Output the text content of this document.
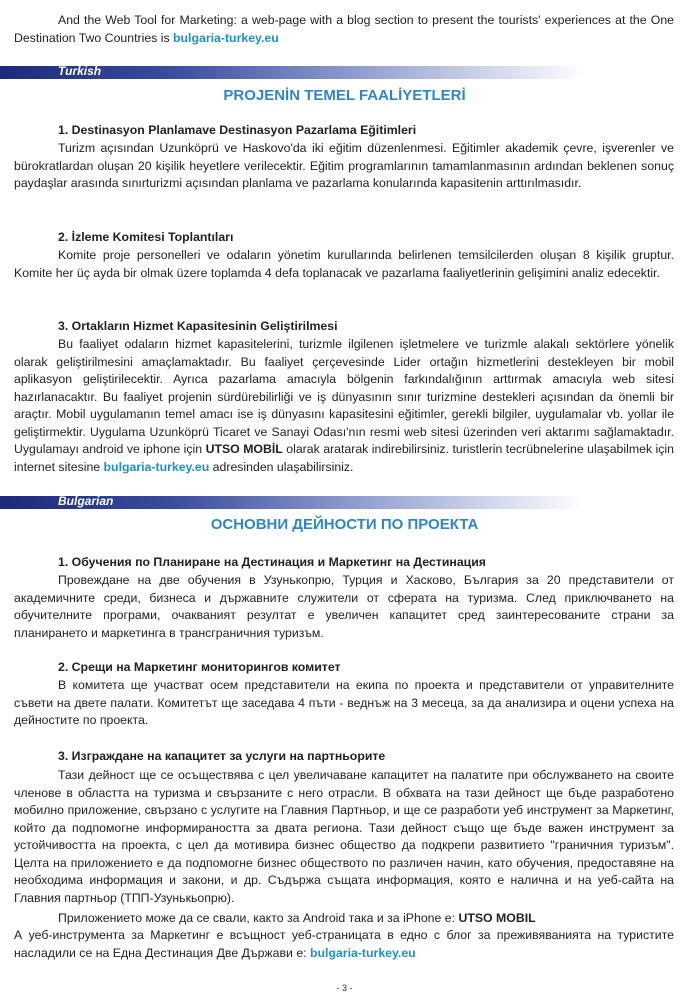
And the Web Tool for Marketing: a web-page with a blog section to present the tourists' experiences at the One Destination Two Countries is bulgaria-turkey.eu

Turkish

PROJENİN TEMEL FAALİYETLERİ

1. Destinasyon Planlamave Destinasyon Pazarlama Eğitimleri

Turizm açısından Uzunköprü ve Haskovo'da iki eğitim düzenlenmesi. Eğitimler akademik çevre, işverenler ve bürokratlardan oluşan 20 kişilik heyetlere verilecektir. Eğitim programlarının tamamlanmasının ardından beklenen sonuç paydaşlar arasında sınırturizmi açısından planlama ve pazarlama konularında kapasitenin arttırılmasıdır.

2. İzleme Komitesi Toplantıları

Komite proje personelleri ve odaların yönetim kurullarında belirlenen temsilcilerden oluşan 8 kişilik gruptur. Komite her üç ayda bir olmak üzere toplamda 4 defa toplanacak ve pazarlama faaliyetlerinin gelişimini analiz edecektir.

3. Ortakların Hizmet Kapasitesinin Geliştirilmesi

Bu faaliyet odaların hizmet kapasitelerini, turizmle ilgilenen işletmelere ve turizmle alakalı sektörlere yönelik olarak geliştirilmesini amaçlamaktadır. Bu faaliyet çerçevesinde Lider ortağın hizmetlerini destekleyen bir mobil aplikasyon geliştirilecektir. Ayrıca pazarlama amacıyla bölgenin farkındalığının arttırmak amacıyla web sitesi hazırlanacaktır. Bu faaliyet projenin sürdürebilirliği ve iş dünyasının sınır turizmine destekleri açısından da önemli bir araçtır. Mobil uygulamanın temel amacı ise iş dünyasını kapasitesini eğitimler, gerekli bilgiler, uygulamalar vb. yollar ile geliştirmektir. Uygulama Uzunköprü Ticaret ve Sanayi Odası'nın resmi web sitesi üzerinden veri aktarımı sağlamaktadır. Uygulamayı android ve iphone için UTSO MOBİL olarak aratarak indirebilirsiniz. turistlerin tecrübnelerine ulaşabilmek için internet sitesine bulgaria-turkey.eu adresinden ulaşabilirsiniz.

Bulgarian

ОСНОВНИ ДЕЙНОСТИ ПО ПРОЕКТА

1. Обучения по Планиране на Дестинация и Маркетинг на Дестинация

Провеждане на две обучения в Узунькопрю, Турция и Хасково, България за 20 представители от академичните среди, бизнеса и държавните служители от сферата на туризма. След приключването на обучителните програми, очакваният резултат е увеличен капацитет сред заинтересованите страни за планирането и маркетинга в трансграничния туризъм.

2. Срещи на Маркетинг мониторингов комитет

В комитета ще участват осем представители на екипа по проекта и представители от управителните съвети на двете палати. Комитетът ще заседава 4 пъти - веднъж на 3 месеца, за да анализира и оцени успеха на дейностите по проекта.

3. Изграждане на капацитет за услуги на партньорите

Тази дейност ще се осъществява с цел увеличаване капацитет на палатите при обслужването на своите членове в областта на туризма и свързаните с него отрасли. В обхвата на тази дейност ще бъде разработено мобилно приложение, свързано с услугите на Главния Партньор, и ще се разработи уеб инструмент за Маркетинг, който да подпомогне информираността за двата региона. Тази дейност също ще бъде важен инструмент за устойчивостта на проекта, с цел да мотивира бизнес общество да подкрепи развитието "граничния туризъм". Целта на приложението е да подпомогне бизнес обществото по различен начин, като обучения, предоставяне на необходима информация и закони, и др. Съдържа същата информация, която е налична и на уеб-сайта на Главния партньор (ТПП-Узунькьопрю).

Приложението може да се свали, както за Android така и за iPhone е: UTSO MOBIL

А уеб-инструмента за Маркетинг е всъщност уеб-страницата в едно с блог за преживяванията на туристите насладили се на Една Дестинация Две Държави е: bulgaria-turkey.eu

- 3 -
